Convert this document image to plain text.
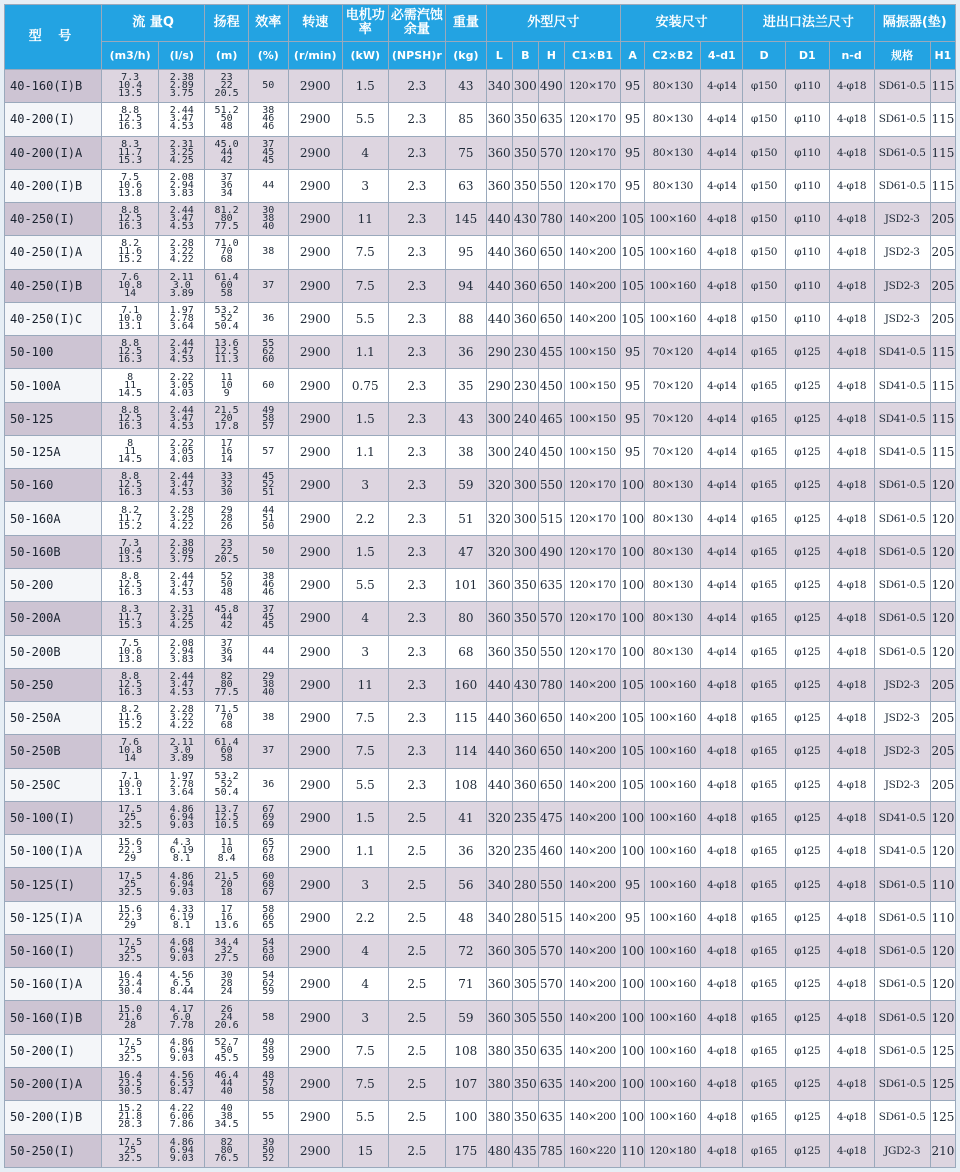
型 号	流 量Q		扬程	效率	转速	电机功率	必需汽蚀余量	重量	外型尺寸				安装尺寸			进出口法兰尺寸			隔振器(垫)	
	(m3/h)	(l/s)	(m)	(%)	(r/min)	(kW)	(NPSH)r	(kg)	L	B	H	C1×B1	A	C2×B2	4-d1	D	D1	n-d	规格	H1
40-160(I)B	7.3
10.4
13.5	2.38
2.89
3.75	23
22
20.5	50	2900	1.5	2.3	43	340	300	490	120×170	95	80×130	4-φ14	φ150	φ110	4-φ18	SD61-0.5	115
40-200(I)	8.8
12.5
16.3	2.44
3.47
4.53	51.2
50
48	38
46
46	2900	5.5	2.3	85	360	350	635	120×170	95	80×130	4-φ14	φ150	φ110	4-φ18	SD61-0.5	115
40-200(I)A	8.3
11.7
15.3	2.31
3.25
4.25	45.0
44
42	37
45
45	2900	4	2.3	75	360	350	570	120×170	95	80×130	4-φ14	φ150	φ110	4-φ18	SD61-0.5	115
40-200(I)B	7.5
10.6
13.8	2.08
2.94
3.83	37
36
34	44	2900	3	2.3	63	360	350	550	120×170	95	80×130	4-φ14	φ150	φ110	4-φ18	SD61-0.5	115
40-250(I)	8.8
12.5
16.3	2.44
3.47
4.53	81.2
80
77.5	30
38
40	2900	11	2.3	145	440	430	780	140×200	105	100×160	4-φ18	φ150	φ110	4-φ18	JSD2-3	205
40-250(I)A	8.2
11.6
15.2	2.28
3.22
4.22	71.0
70
68	38	2900	7.5	2.3	95	440	360	650	140×200	105	100×160	4-φ18	φ150	φ110	4-φ18	JSD2-3	205
40-250(I)B	7.6
10.8
14	2.11
3.0
3.89	61.4
60
58	37	2900	7.5	2.3	94	440	360	650	140×200	105	100×160	4-φ18	φ150	φ110	4-φ18	JSD2-3	205
40-250(I)C	7.1
10.0
13.1	1.97
2.78
3.64	53.2
52
50.4	36	2900	5.5	2.3	88	440	360	650	140×200	105	100×160	4-φ18	φ150	φ110	4-φ18	JSD2-3	205
50-100	8.8
12.5
16.3	2.44
3.47
4.53	13.6
12.5
11.3	55
62
60	2900	1.1	2.3	36	290	230	455	100×150	95	70×120	4-φ14	φ165	φ125	4-φ18	SD41-0.5	115
50-100A	8
11
14.5	2.22
3.05
4.03	11
10
9	60	2900	0.75	2.3	35	290	230	450	100×150	95	70×120	4-φ14	φ165	φ125	4-φ18	SD41-0.5	115
50-125	8.8
12.5
16.3	2.44
3.47
4.53	21.5
20
17.8	49
58
57	2900	1.5	2.3	43	300	240	465	100×150	95	70×120	4-φ14	φ165	φ125	4-φ18	SD41-0.5	115
50-125A	8
11
14.5	2.22
3.05
4.03	17
16
14	57	2900	1.1	2.3	38	300	240	450	100×150	95	70×120	4-φ14	φ165	φ125	4-φ18	SD41-0.5	115
50-160	8.8
12.5
16.3	2.44
3.47
4.53	33
32
30	45
52
51	2900	3	2.3	59	320	300	550	120×170	100	80×130	4-φ14	φ165	φ125	4-φ18	SD61-0.5	120
50-160A	8.2
11.7
15.2	2.28
3.25
4.22	29
28
26	44
51
50	2900	2.2	2.3	51	320	300	515	120×170	100	80×130	4-φ14	φ165	φ125	4-φ18	SD61-0.5	120
50-160B	7.3
10.4
13.5	2.38
2.89
3.75	23
22
20.5	50	2900	1.5	2.3	47	320	300	490	120×170	100	80×130	4-φ14	φ165	φ125	4-φ18	SD61-0.5	120
50-200	8.8
12.5
16.3	2.44
3.47
4.53	52
50
48	38
46
46	2900	5.5	2.3	101	360	350	635	120×170	100	80×130	4-φ14	φ165	φ125	4-φ18	SD61-0.5	120
50-200A	8.3
11.7
15.3	2.31
3.25
4.25	45.8
44
42	37
45
45	2900	4	2.3	80	360	350	570	120×170	100	80×130	4-φ14	φ165	φ125	4-φ18	SD61-0.5	120
50-200B	7.5
10.6
13.8	2.08
2.94
3.83	37
36
34	44	2900	3	2.3	68	360	350	550	120×170	100	80×130	4-φ14	φ165	φ125	4-φ18	SD61-0.5	120
50-250	8.8
12.5
16.3	2.44
3.47
4.53	82
80
77.5	29
38
40	2900	11	2.3	160	440	430	780	140×200	105	100×160	4-φ18	φ165	φ125	4-φ18	JSD2-3	205
50-250A	8.2
11.6
15.2	2.28
3.22
4.22	71.5
70
68	38	2900	7.5	2.3	115	440	360	650	140×200	105	100×160	4-φ18	φ165	φ125	4-φ18	JSD2-3	205
50-250B	7.6
10.8
14	2.11
3.0
3.89	61.4
60
58	37	2900	7.5	2.3	114	440	360	650	140×200	105	100×160	4-φ18	φ165	φ125	4-φ18	JSD2-3	205
50-250C	7.1
10.0
13.1	1.97
2.78
3.64	53.2
52
50.4	36	2900	5.5	2.3	108	440	360	650	140×200	105	100×160	4-φ18	φ165	φ125	4-φ18	JSD2-3	205
50-100(I)	17.5
25
32.5	4.86
6.94
9.03	13.7
12.5
10.5	67
69
69	2900	1.5	2.5	41	320	235	475	140×200	100	100×160	4-φ18	φ165	φ125	4-φ18	SD41-0.5	120
50-100(I)A	15.6
22.3
29	4.3
6.19
8.1	11
10
8.4	65
67
68	2900	1.1	2.5	36	320	235	460	140×200	100	100×160	4-φ18	φ165	φ125	4-φ18	SD41-0.5	120
50-125(I)	17.5
25
32.5	4.86
6.94
9.03	21.5
20
18	60
68
67	2900	3	2.5	56	340	280	550	140×200	95	100×160	4-φ18	φ165	φ125	4-φ18	SD61-0.5	110
50-125(I)A	15.6
22.3
29	4.33
6.19
8.1	17
16
13.6	58
66
65	2900	2.2	2.5	48	340	280	515	140×200	95	100×160	4-φ18	φ165	φ125	4-φ18	SD61-0.5	110
50-160(I)	17.5
25
32.5	4.68
6.94
9.03	34.4
32
27.5	54
63
60	2900	4	2.5	72	360	305	570	140×200	100	100×160	4-φ18	φ165	φ125	4-φ18	SD61-0.5	120
50-160(I)A	16.4
23.4
30.4	4.56
6.5
8.44	30
28
24	54
62
59	2900	4	2.5	71	360	305	570	140×200	100	100×160	4-φ18	φ165	φ125	4-φ18	SD61-0.5	120
50-160(I)B	15.0
21.6
28	4.17
6.0
7.78	26
24
20.6	58	2900	3	2.5	59	360	305	550	140×200	100	100×160	4-φ18	φ165	φ125	4-φ18	SD61-0.5	120
50-200(I)	17.5
25
32.5	4.86
6.94
9.03	52.7
50
45.5	49
58
59	2900	7.5	2.5	108	380	350	635	140×200	100	100×160	4-φ18	φ165	φ125	4-φ18	SD61-0.5	125
50-200(I)A	16.4
23.5
30.5	4.56
6.53
8.47	46.4
44
40	48
57
58	2900	7.5	2.5	107	380	350	635	140×200	100	100×160	4-φ18	φ165	φ125	4-φ18	SD61-0.5	125
50-200(I)B	15.2
21.8
28.3	4.22
6.06
7.86	40
38
34.5	55	2900	5.5	2.5	100	380	350	635	140×200	100	100×160	4-φ18	φ165	φ125	4-φ18	SD61-0.5	125
50-250(I)	17.5
25
32.5	4.86
6.94
9.03	82
80
76.5	39
50
52	2900	15	2.5	175	480	435	785	160×220	110	120×180	4-φ18	φ165	φ125	4-φ18	JGD2-3	210
